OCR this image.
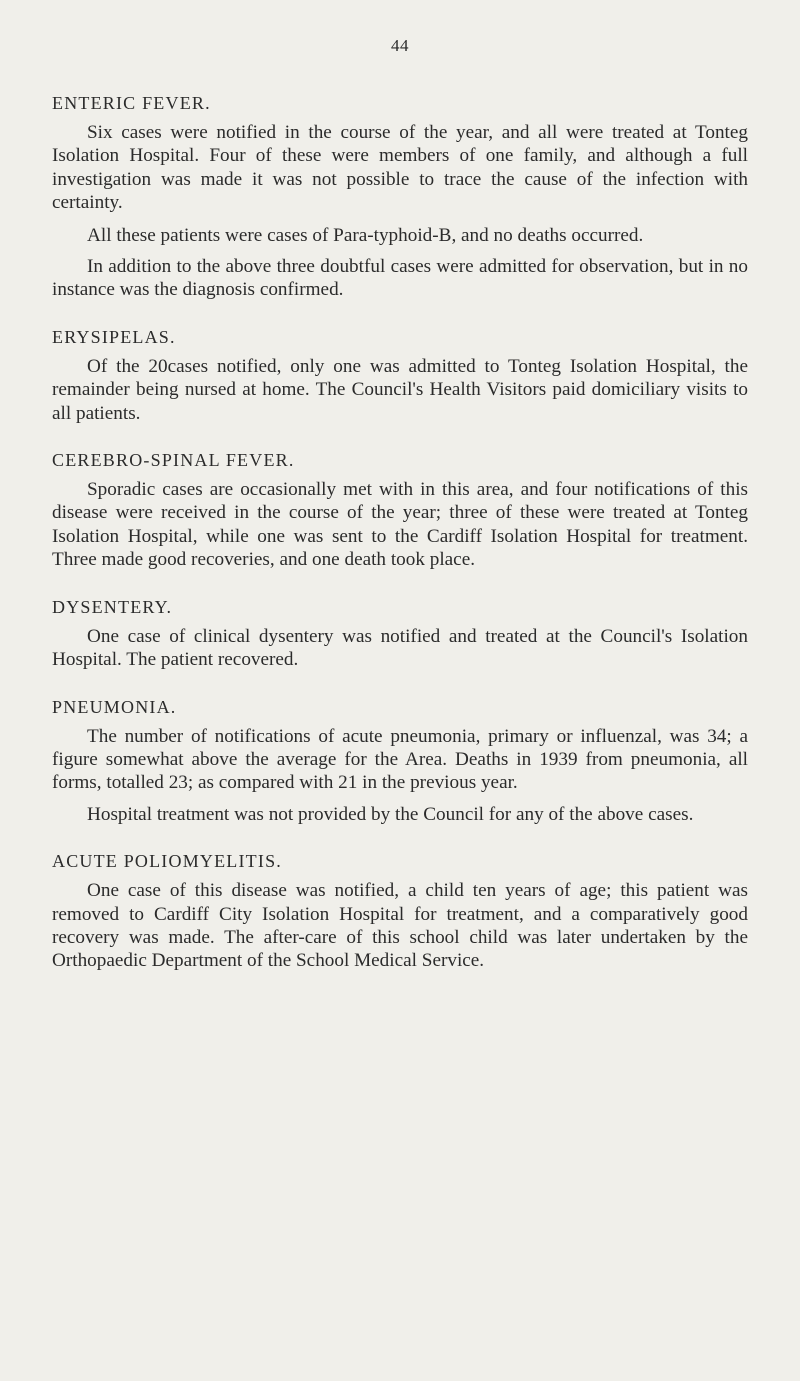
44
ENTERIC FEVER.

Six cases were notified in the course of the year, and all were treated at Tonteg Isolation Hospital. Four of these were members of one family, and although a full investigation was made it was not possible to trace the cause of the infection with certainty.

All these patients were cases of Para-typhoid-B, and no deaths occurred.

In addition to the above three doubtful cases were admitted for observation, but in no instance was the diagnosis confirmed.

ERYSIPELAS.

Of the 20cases notified, only one was admitted to Tonteg Isolation Hospital, the remainder being nursed at home. The Council's Health Visitors paid domiciliary visits to all patients.

CEREBRO-SPINAL FEVER.

Sporadic cases are occasionally met with in this area, and four notifications of this disease were received in the course of the year; three of these were treated at Tonteg Isolation Hospital, while one was sent to the Cardiff Isolation Hospital for treatment. Three made good recoveries, and one death took place.

DYSENTERY.

One case of clinical dysentery was notified and treated at the Council's Isolation Hospital. The patient recovered.

PNEUMONIA.

The number of notifications of acute pneumonia, primary or influenzal, was 34; a figure somewhat above the average for the Area. Deaths in 1939 from pneumonia, all forms, totalled 23; as compared with 21 in the previous year.

Hospital treatment was not provided by the Council for any of the above cases.

ACUTE POLIOMYELITIS.

One case of this disease was notified, a child ten years of age; this patient was removed to Cardiff City Isolation Hospital for treatment, and a comparatively good recovery was made. The after-care of this school child was later undertaken by the Orthopaedic Department of the School Medical Service.
